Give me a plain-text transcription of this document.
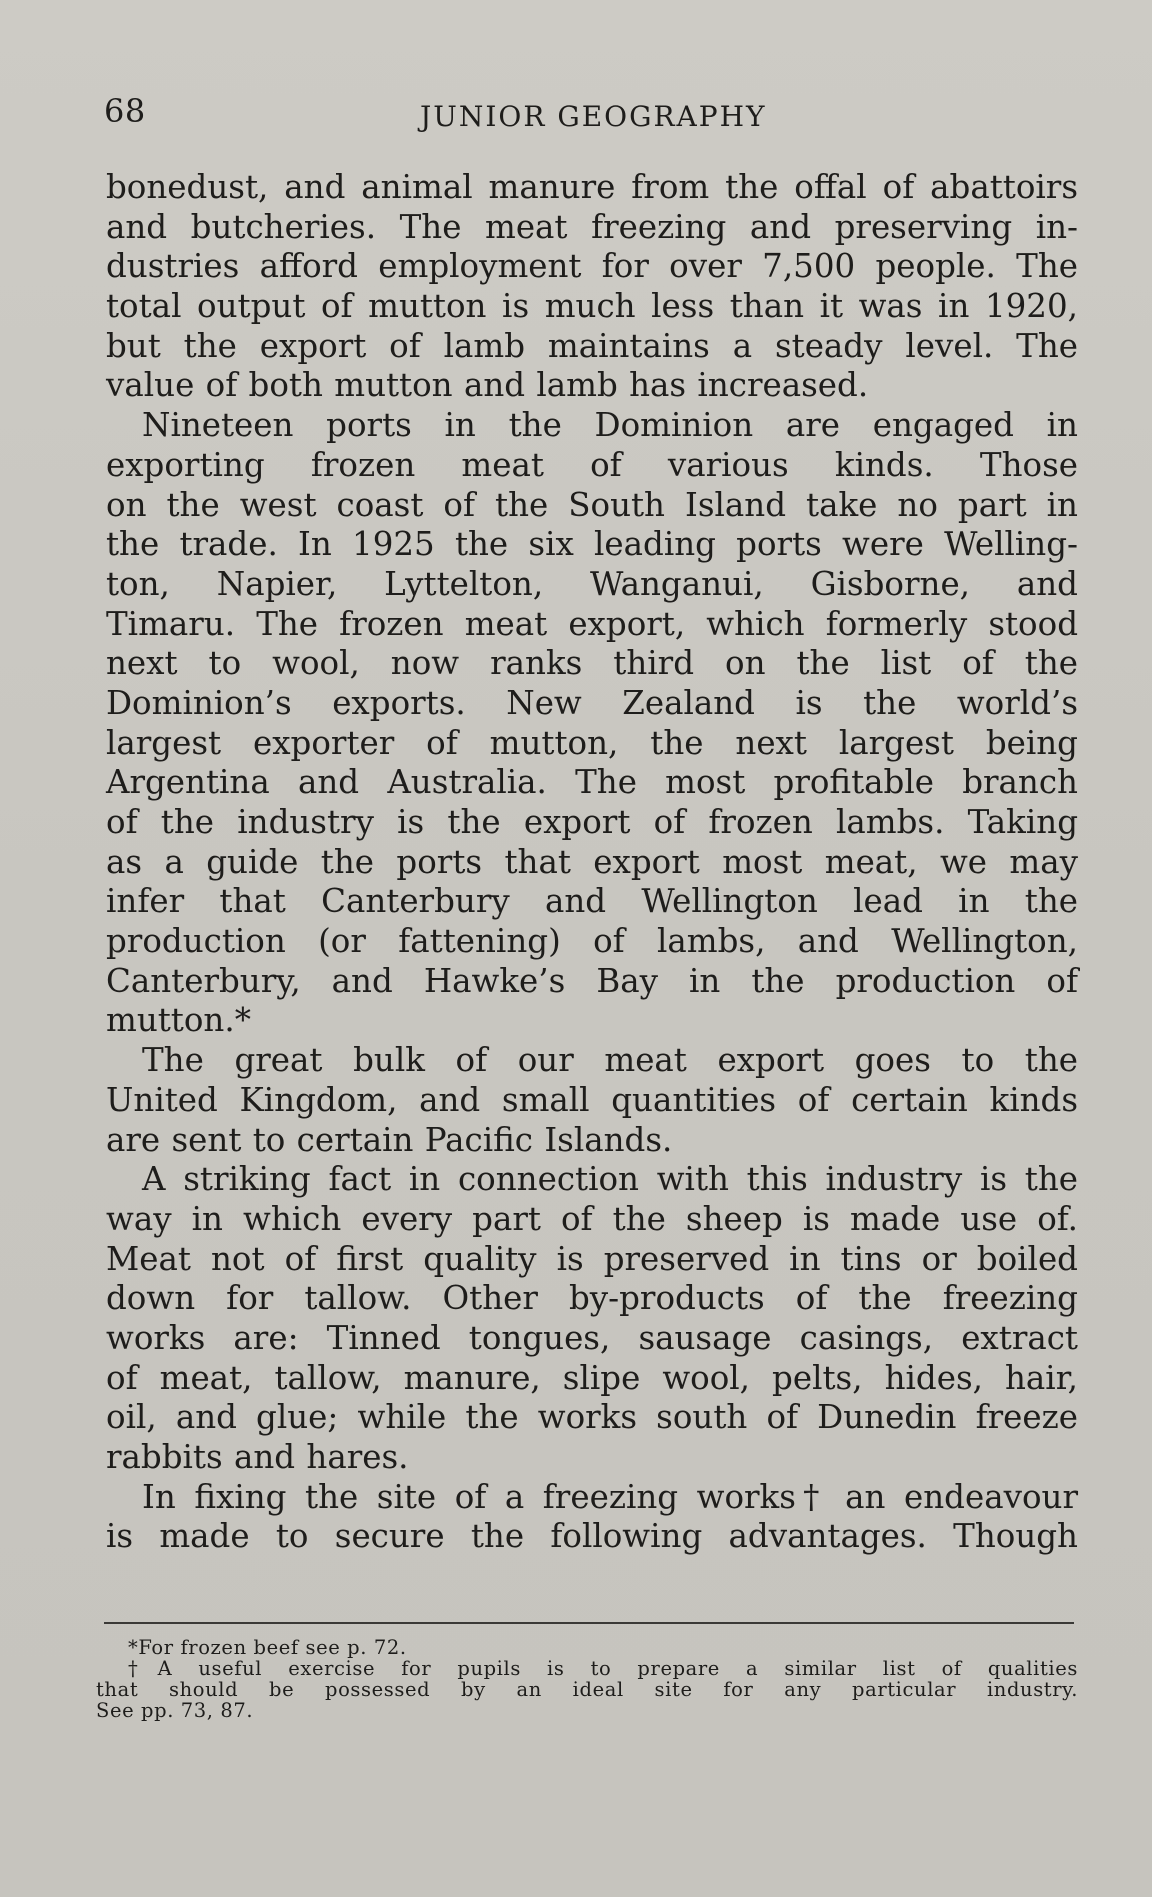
68	JUNIOR GEOGRAPHY
bonedust, and animal manure from the offal of abattoirs
and butcheries. The meat freezing and preserving in-
dustries afford employment for over 7,500 people. The
total output of mutton is much less than it was in 1920,
but the export of lamb maintains a steady level. The
value of both mutton and lamb has increased.
Nineteen ports in the Dominion are engaged in
exporting frozen meat of various kinds. Those
on the west coast of the South Island take no part in
the trade. In 1925 the six leading ports were Welling-
ton, Napier, Lyttelton, Wanganui, Gisborne, and
Timaru. The frozen meat export, which formerly stood
next to wool, now ranks third on the list of the
Dominion’s exports. New Zealand is the world’s
largest exporter of mutton, the next largest being
Argentina and Australia. The most profitable branch
of the industry is the export of frozen lambs. Taking
as a guide the ports that export most meat, we may
infer that Canterbury and Wellington lead in the
production (or fattening) of lambs, and Wellington,
Canterbury, and Hawke’s Bay in the production of
mutton.*
The great bulk of our meat export goes to the
United Kingdom, and small quantities of certain kinds
are sent to certain Pacific Islands.
A striking fact in connection with this industry is the
way in which every part of the sheep is made use of.
Meat not of first quality is preserved in tins or boiled
down for tallow. Other by-products of the freezing
works are: Tinned tongues, sausage casings, extract
of meat, tallow, manure, slipe wool, pelts, hides, hair,
oil, and glue; while the works south of Dunedin freeze
rabbits and hares.
In fixing the site of a freezing works† an endeavour
is made to secure the following advantages. Though
*For frozen beef see p. 72.
†A useful exercise for pupils is to prepare a similar list of qualities
that should be possessed by an ideal site for any particular industry.
See pp. 73, 87.
